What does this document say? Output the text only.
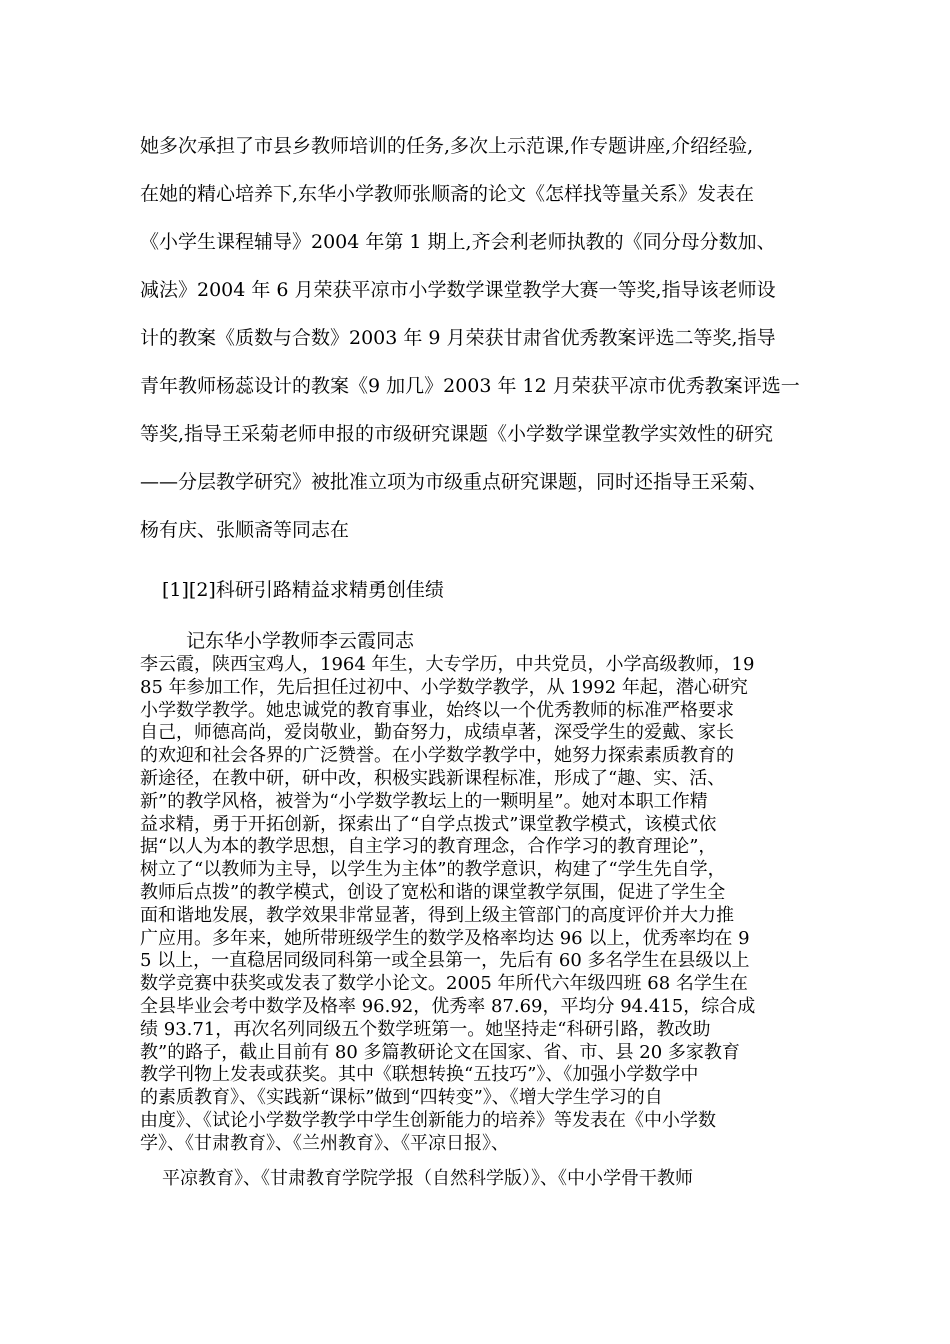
她多次承担了市县乡教师培训的任务,多次上示范课,作专题讲座,介绍经验,
在她的精心培养下,东华小学教师张顺斋的论文《怎样找等量关系》发表在
《小学生课程辅导》2004 年第 1 期上,齐会利老师执教的《同分母分数加、
减法》2004 年 6 月荣获平凉市小学数学课堂教学大赛一等奖,指导该老师设
计的教案《质数与合数》2003 年 9 月荣获甘肃省优秀教案评选二等奖,指导
青年教师杨蕊设计的教案《9 加几》2003 年 12 月荣获平凉市优秀教案评选一
等奖,指导王采菊老师申报的市级研究课题《小学数学课堂教学实效性的研究
——分层教学研究》被批准立项为市级重点研究课题，同时还指导王采菊、
杨有庆、张顺斋等同志在
[1][2]科研引路精益求精勇创佳绩
记东华小学教师李云霞同志
李云霞，陕西宝鸡人，1964 年生，大专学历，中共党员，小学高级教师，19
85 年参加工作，先后担任过初中、小学数学教学，从 1992 年起，潜心研究
小学数学教学。她忠诚党的教育事业，始终以一个优秀教师的标准严格要求
自己，师德高尚，爱岗敬业，勤奋努力，成绩卓著，深受学生的爱戴、家长
的欢迎和社会各界的广泛赞誉。在小学数学教学中，她努力探索素质教育的
新途径，在教中研，研中改，积极实践新课程标准，形成了“趣、实、活、
新”的教学风格，被誉为“小学数学教坛上的一颗明星”。她对本职工作精
益求精，勇于开拓创新，探索出了“自学点拨式”课堂教学模式，该模式依
据“以人为本的教学思想，自主学习的教育理念，合作学习的教育理论”，
树立了“以教师为主导，以学生为主体”的教学意识，构建了“学生先自学，
教师后点拨”的教学模式，创设了宽松和谐的课堂教学氛围，促进了学生全
面和谐地发展，教学效果非常显著，得到上级主管部门的高度评价并大力推
广应用。多年来，她所带班级学生的数学及格率均达 96 以上，优秀率均在 9
5 以上，一直稳居同级同科第一或全县第一，先后有 60 多名学生在县级以上
数学竞赛中获奖或发表了数学小论文。2005 年所代六年级四班 68 名学生在
全县毕业会考中数学及格率 96.92，优秀率 87.69，平均分 94.415，综合成
绩 93.71，再次名列同级五个数学班第一。她坚持走“科研引路，教改助
教”的路子，截止目前有 80 多篇教研论文在国家、省、市、县 20 多家教育
教学刊物上发表或获奖。其中《联想转换“五技巧”》、《加强小学数学中
的素质教育》、《实践新“课标”做到“四转变”》、《增大学生学习的自
由度》、《试论小学数学教学中学生创新能力的培养》等发表在《中小学数
学》、《甘肃教育》、《兰州教育》、《平凉日报》、
平凉教育》、《甘肃教育学院学报（自然科学版）》、《中小学骨干教师
